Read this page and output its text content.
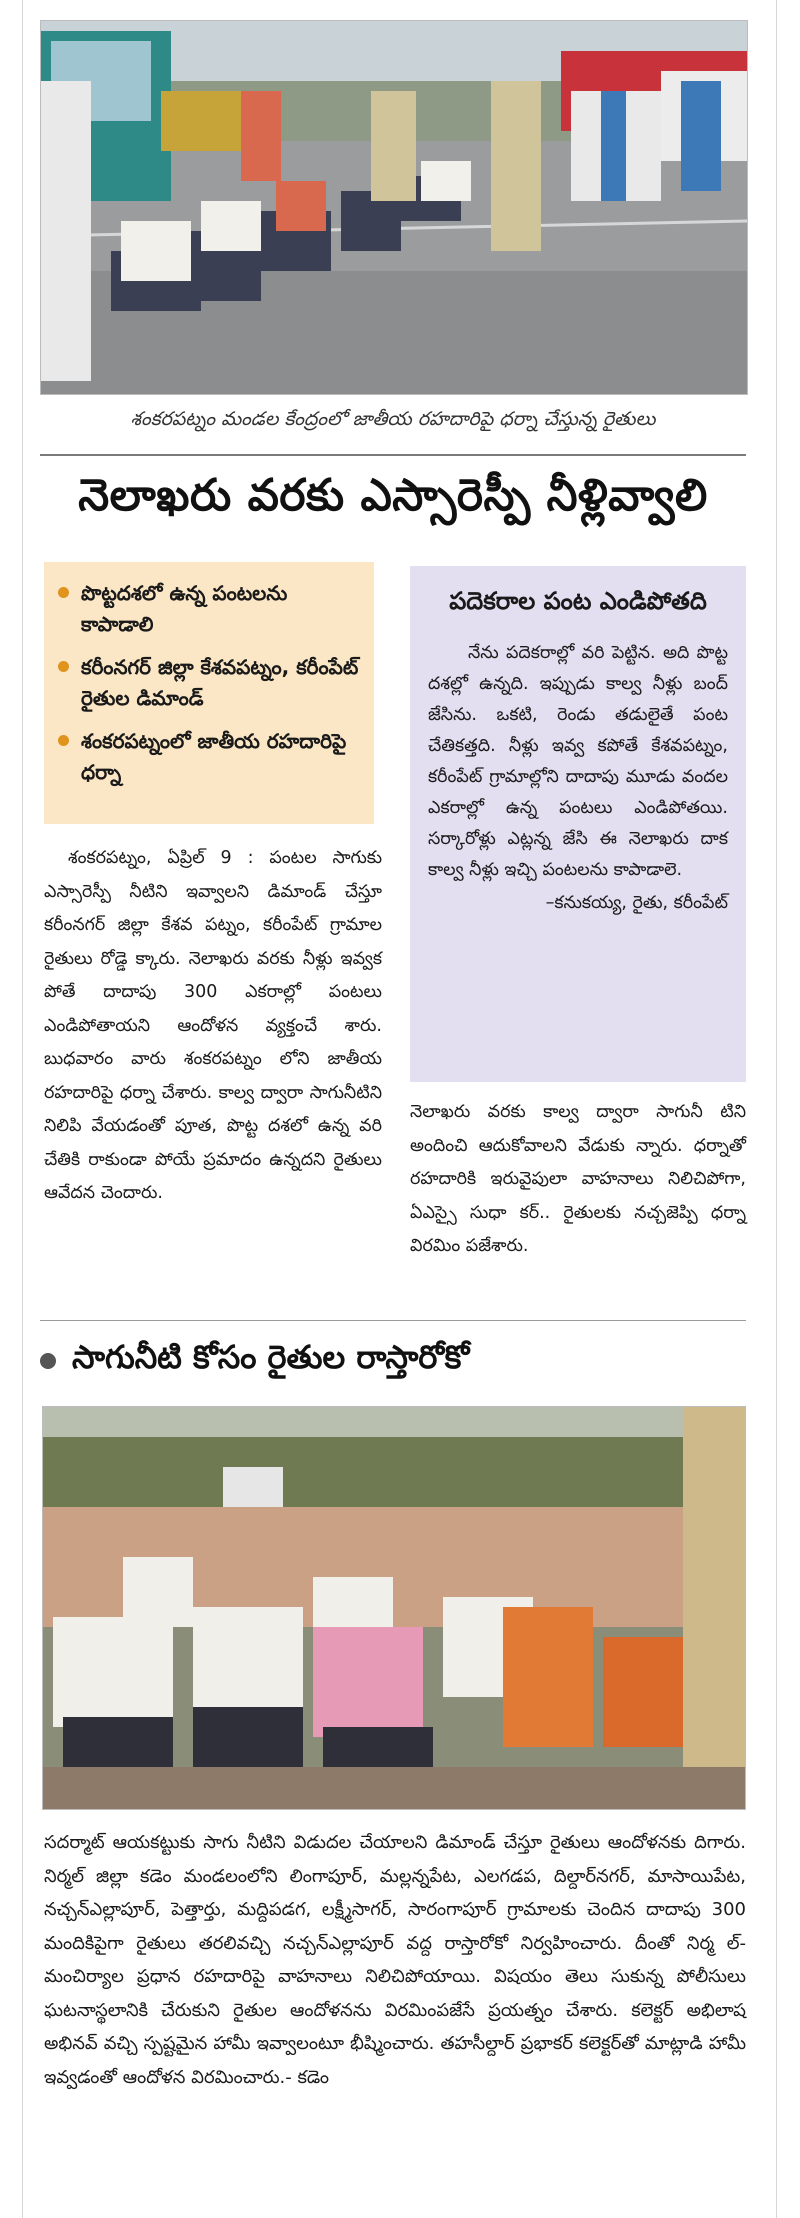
శంకరపట్నం మండల కేంద్రంలో జాతీయ రహదారిపై ధర్నా చేస్తున్న రైతులు
నెలాఖరు వరకు ఎస్సారెస్పీ నీళ్లివ్వాలి
పొట్టదశలో ఉన్న పంటలను కాపాడాలి
కరీంనగర్ జిల్లా కేశవపట్నం, కరీంపేట్ రైతుల డిమాండ్
శంకరపట్నంలో జాతీయ రహదారిపై ధర్నా
పదెకరాల పంట ఎండిపోతది
నేను పదెకరాల్లో వరి పెట్టిన. అది పొట్ట దశల్లో ఉన్నది. ఇప్పుడు కాల్వ నీళ్లు బంద్ జేసిను. ఒకటి, రెండు తడులైతే పంట చేతికత్తది. నీళ్లు ఇవ్వ కపోతే కేశవపట్నం, కరీంపేట్ గ్రామాల్లోని దాదాపు మూడు వందల ఎకరాల్లో ఉన్న పంటలు ఎండిపోతయి. సర్కారోళ్లు ఎట్లన్న జేసి ఈ నెలాఖరు దాక కాల్వ నీళ్లు ఇచ్చి పంటలను కాపాడాలె.
–కనుకయ్య, రైతు, కరీంపేట్
శంకరపట్నం, ఏప్రిల్ 9 : పంటల సాగుకు ఎస్సారెస్పీ నీటిని ఇవ్వాలని డిమాండ్ చేస్తూ కరీంనగర్ జిల్లా కేశవ పట్నం, కరీంపేట్ గ్రామాల రైతులు రోడ్డె క్కారు. నెలాఖరు వరకు నీళ్లు ఇవ్వక పోతే దాదాపు 300 ఎకరాల్లో పంటలు ఎండిపోతాయని ఆందోళన వ్యక్తంచే శారు. బుధవారం వారు శంకరపట్నం లోని జాతీయ రహదారిపై ధర్నా చేశారు. కాల్వ ద్వారా సాగునీటిని నిలిపి వేయడంతో పూత, పొట్ట దశలో ఉన్న వరి చేతికి రాకుండా పోయే ప్రమాదం ఉన్నదని రైతులు ఆవేదన చెందారు.
నెలాఖరు వరకు కాల్వ ద్వారా సాగునీ టిని అందించి ఆదుకోవాలని వేడుకు న్నారు. ధర్నాతో రహదారికి ఇరువైపులా వాహనాలు నిలిచిపోగా, ఏఎస్సై సుధా కర్.. రైతులకు నచ్చజెప్పి ధర్నా విరమిం పజేశారు.
సాగునీటి కోసం రైతుల రాస్తారోకో
సదర్మాట్ ఆయకట్టుకు సాగు నీటిని విడుదల చేయాలని డిమాండ్ చేస్తూ రైతులు ఆందోళనకు దిగారు. నిర్మల్ జిల్లా కడెం మండలంలోని లింగాపూర్, మల్లన్నపేట, ఎలగడప, దిల్దార్‌నగర్, మాసాయిపేట, నచ్చన్‌ఎల్లాపూర్, పెత్తార్తు, మద్దిపడగ, లక్ష్మీసాగర్, సారంగాపూర్ గ్రామాలకు చెందిన దాదాపు 300 మందికిపైగా రైతులు తరలివచ్చి నచ్చన్‌ఎల్లాపూర్ వద్ద రాస్తారోకో నిర్వహించారు. దీంతో నిర్మ ల్-మంచిర్యాల ప్రధాన రహదారిపై వాహనాలు నిలిచిపోయాయి. విషయం తెలు సుకున్న పోలీసులు ఘటనాస్థలానికి చేరుకుని రైతుల ఆందోళనను విరమింపజేసే ప్రయత్నం చేశారు. కలెక్టర్ అభిలాష అభినవ్ వచ్చి స్పష్టమైన హామీ ఇవ్వాలంటూ భీష్మించారు. తహసీల్దార్ ప్రభాకర్ కలెక్టర్‌తో మాట్లాడి హామీ ఇవ్వడంతో ఆందోళన విరమించారు.- కడెం
